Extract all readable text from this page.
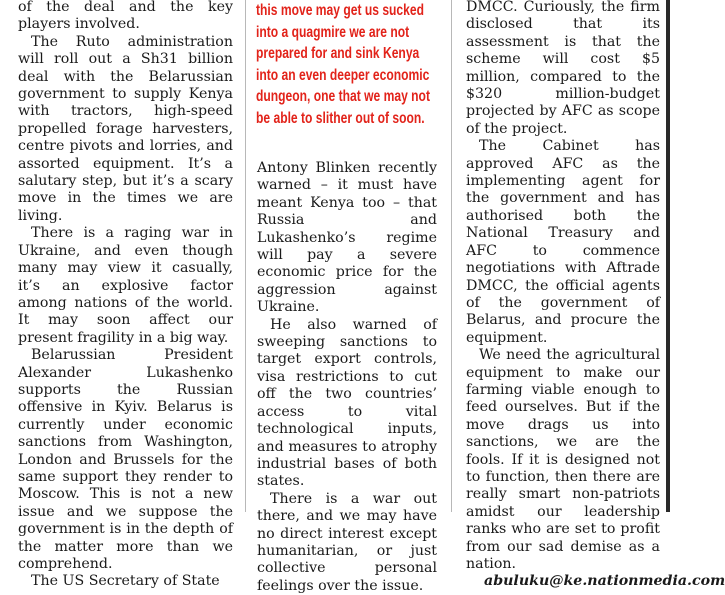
of the deal and the key players involved.

The Ruto administration will roll out a Sh31 billion deal with the Belarussian government to supply Kenya with tractors, high-speed propelled forage harvesters, centre pivots and lorries, and assorted equipment. It’s a salutary step, but it’s a scary move in the times we are living.

There is a raging war in Ukraine, and even though many may view it casually, it’s an explosive factor among nations of the world. It may soon affect our present fragility in a big way.

Belarussian President Alexander Lukashenko supports the Russian offensive in Kyiv. Belarus is currently under economic sanctions from Washington, London and Brussels for the same support they render to Moscow. This is not a new issue and we suppose the government is in the depth of the matter more than we comprehend.

The US Secretary of State

this move may get us sucked
into a quagmire we are not
prepared for and sink Kenya
into an even deeper economic
dungeon, one that we may not
be able to slither out of soon.

Antony Blinken recently warned – it must have meant Kenya too – that Russia and Lukashenko’s regime will pay a severe economic price for the aggression against Ukraine.

He also warned of sweeping sanctions to target export controls, visa restrictions to cut off the two countries’ access to vital technological inputs, and measures to atrophy industrial bases of both states.

There is a war out there, and we may have no direct interest except humanitarian, or just collective personal feelings over the issue.

DMCC. Curiously, the firm disclosed that its assessment is that the scheme will cost $5 million, compared to the $320 million-budget projected by AFC as scope of the project.

The Cabinet has approved AFC as the implementing agent for the government and has authorised both the National Treasury and AFC to commence negotiations with Aftrade DMCC, the official agents of the government of Belarus, and procure the equipment.

We need the agricultural equipment to make our farming viable enough to feed ourselves. But if the move drags us into sanctions, we are the fools. If it is designed not to function, then there are really smart non-patriots amidst our leadership ranks who are set to profit from our sad demise as a nation.

abuluku@ke.nationmedia.com
